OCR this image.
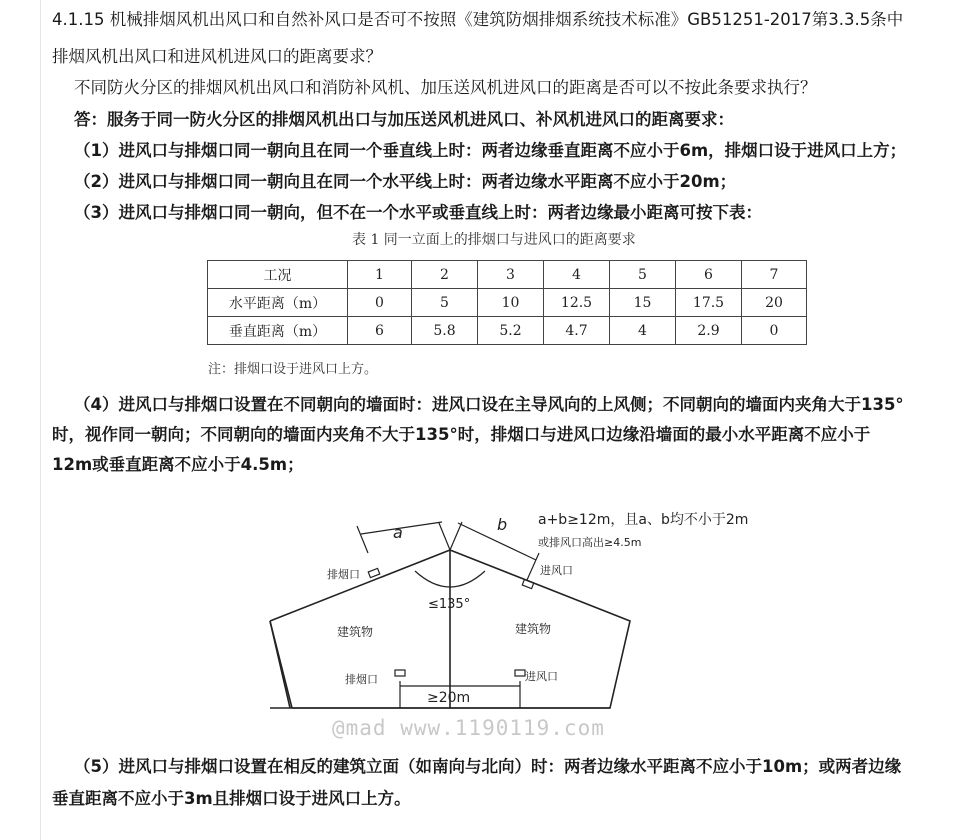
4.1.15 机械排烟风机出风口和自然补风口是否可不按照《建筑防烟排烟系统技术标准》GB51251-2017第3.3.5条中

排烟风机出风口和进风机进风口的距离要求？

不同防火分区的排烟风机出风口和消防补风机、加压送风机进风口的距离是否可以不按此条要求执行？

答：服务于同一防火分区的排烟风机出口与加压送风机进风口、补风机进风口的距离要求：

（1）进风口与排烟口同一朝向且在同一个垂直线上时：两者边缘垂直距离不应小于6m，排烟口设于进风口上方；

（2）进风口与排烟口同一朝向且在同一个水平线上时：两者边缘水平距离不应小于20m；

（3）进风口与排烟口同一朝向，但不在一个水平或垂直线上时：两者边缘最小距离可按下表：

表 1 同一立面上的排烟口与进风口的距离要求
工况	1	2	3	4	5	6	7
水平距离（m）	0	5	10	12.5	15	17.5	20
垂直距离（m）	6	5.8	5.2	4.7	4	2.9	0
注：排烟口设于进风口上方。

（4）进风口与排烟口设置在不同朝向的墙面时：进风口设在主导风向的上风侧；不同朝向的墙面内夹角大于135°
时，视作同一朝向；不同朝向的墙面内夹角不大于135°时，排烟口与进风口边缘沿墙面的最小水平距离不应小于
12m或垂直距离不应小于4.5m；

a	b a+b≥12m，且a、b均不小于2m
或排风口高出≥4.5m
排烟口	进风口
≤135°
建筑物	建筑物
排烟口	进风口
≥20m
@mad www.1190119.com

（5）进风口与排烟口设置在相反的建筑立面（如南向与北向）时：两者边缘水平距离不应小于10m；或两者边缘

垂直距离不应小于3m且排烟口设于进风口上方。
